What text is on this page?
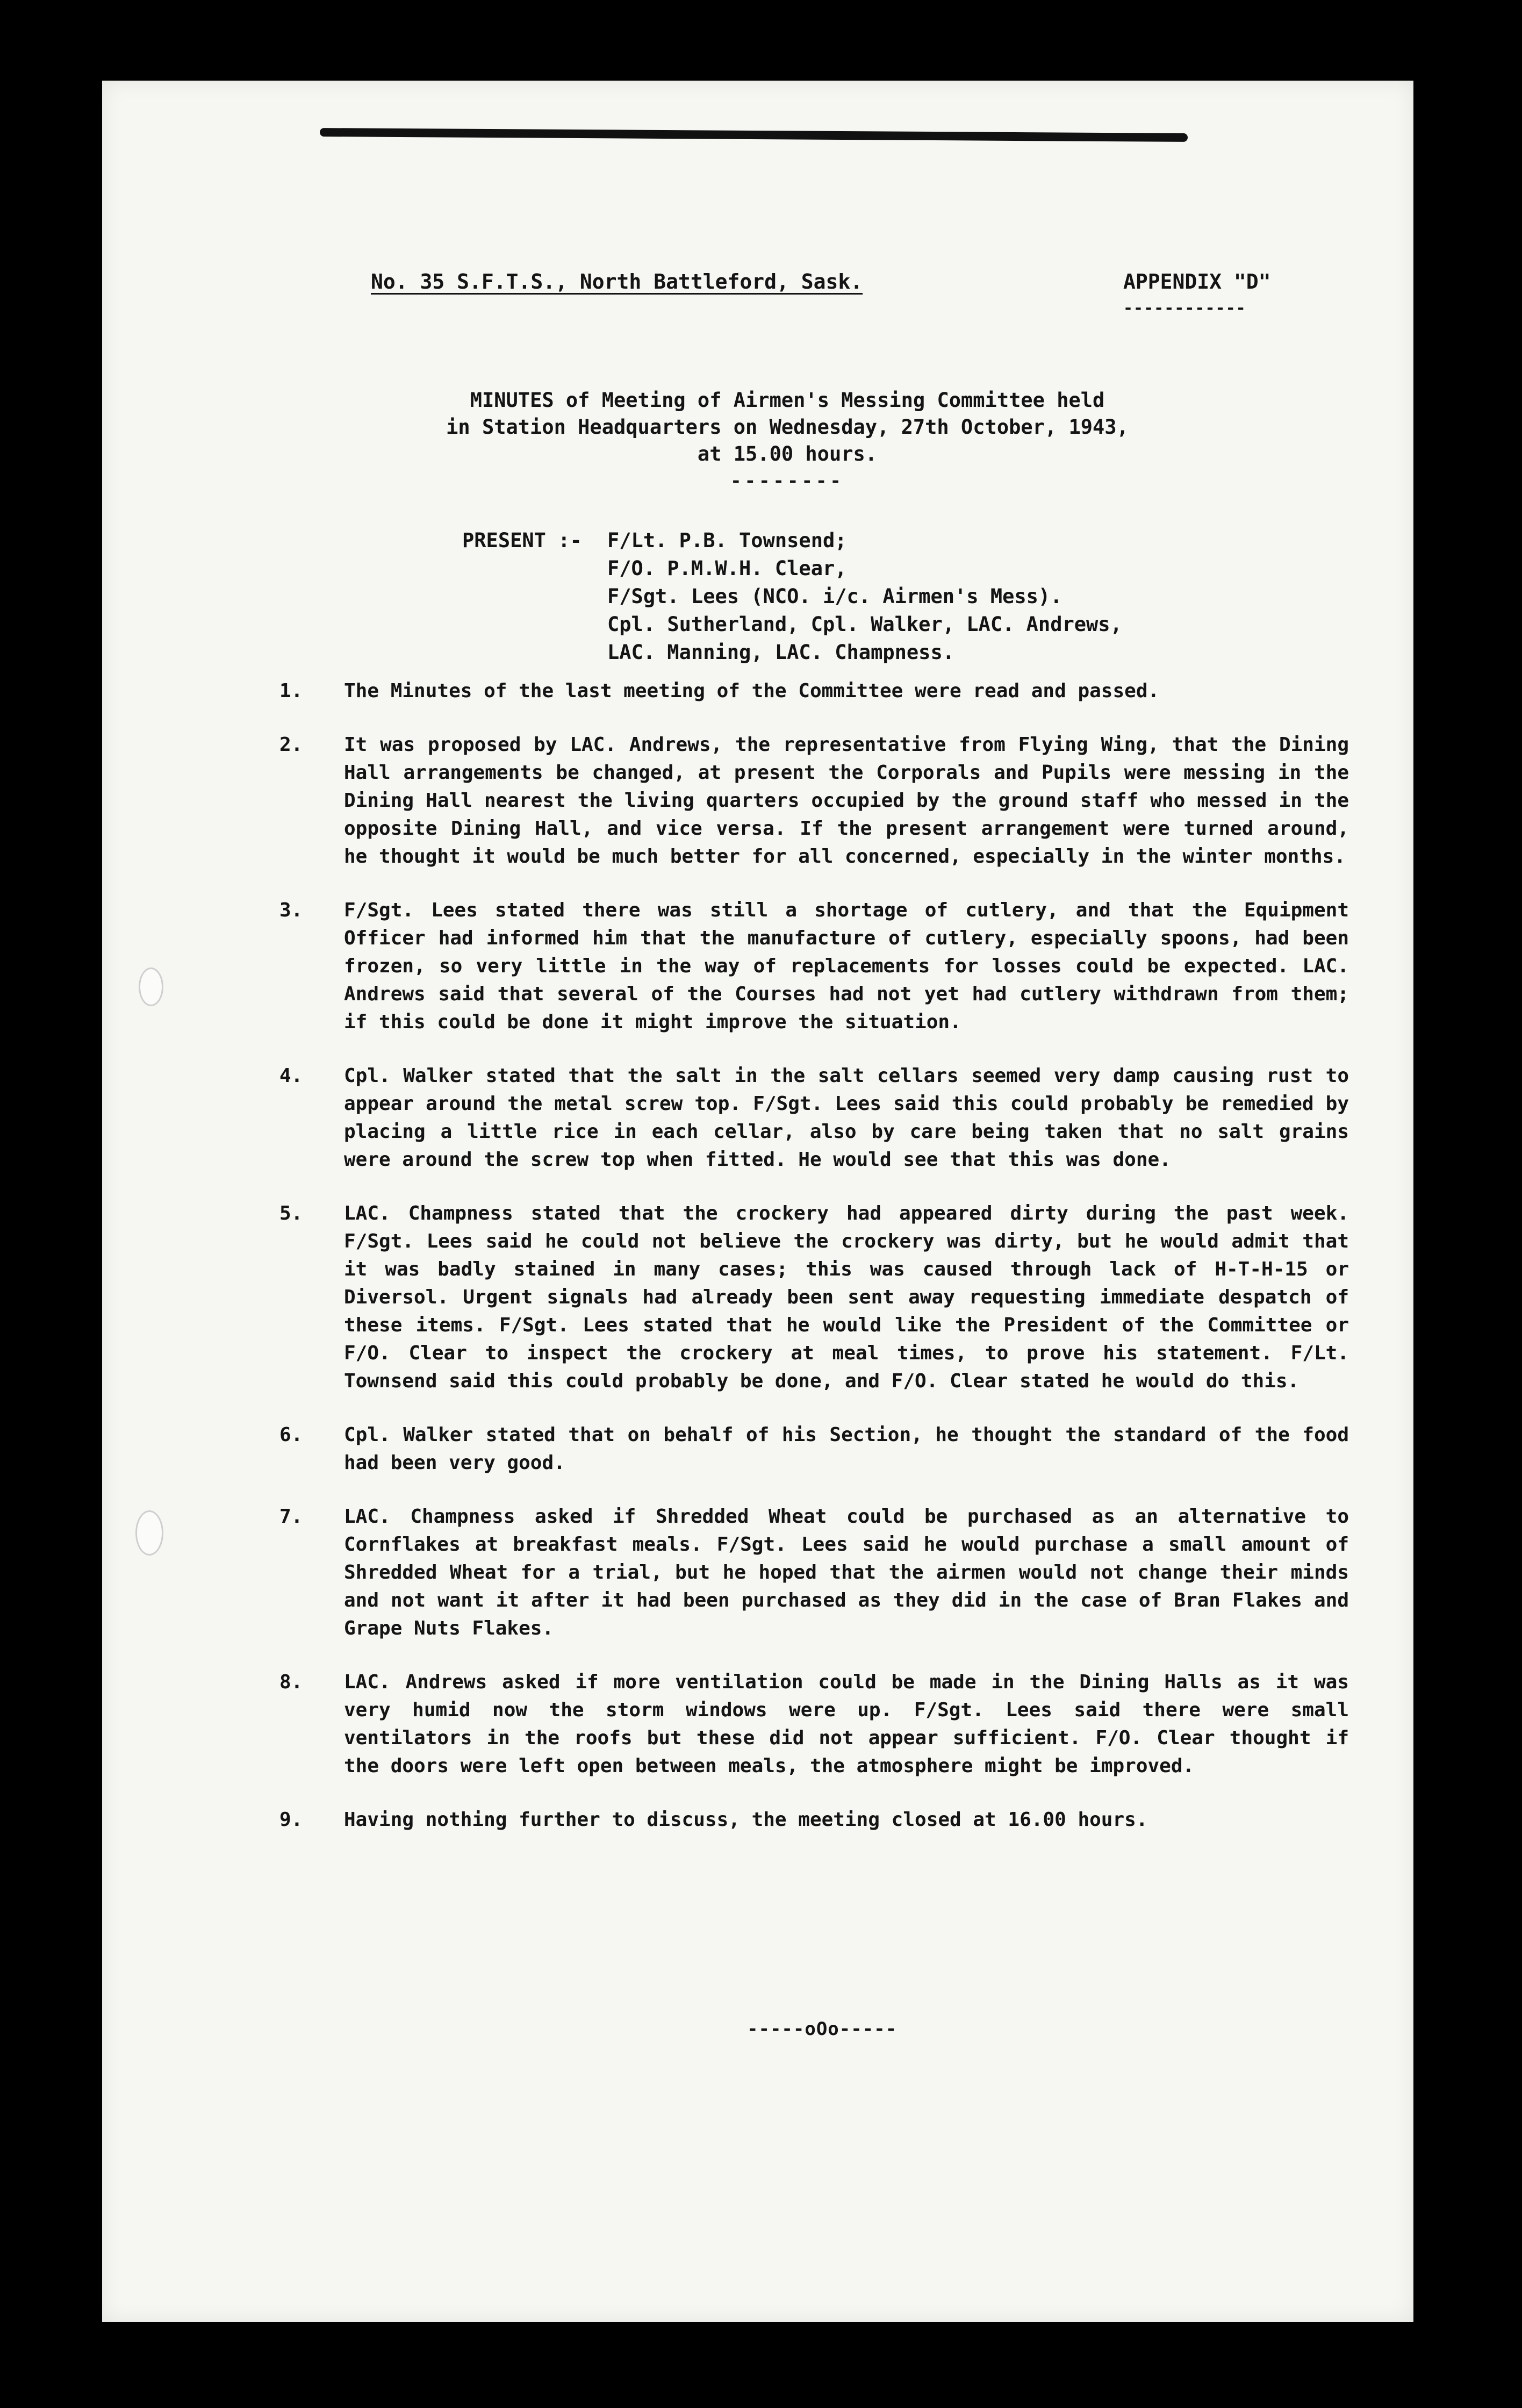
No. 35 S.F.T.S., North Battleford, Sask.	APPENDIX "D"
------------
MINUTES of Meeting of Airmen's Messing Committee held
in Station Headquarters on Wednesday, 27th October, 1943,
at 15.00 hours.
--------
PRESENT :- F/Lt. P.B. Townsend;
F/O. P.M.W.H. Clear,
F/Sgt. Lees (NCO. i/c. Airmen's Mess).
Cpl. Sutherland, Cpl. Walker, LAC. Andrews,
LAC. Manning, LAC. Champness.
1.	The Minutes of the last meeting of the Committee were read and passed.
2.	It was proposed by LAC. Andrews, the representative from Flying Wing, that the Dining Hall arrangements be changed, at present the Corporals and Pupils were messing in the Dining Hall nearest the living quarters occupied by the ground staff who messed in the opposite Dining Hall, and vice versa. If the present arrangement were turned around, he thought it would be much better for all concerned, especially in the winter months.
3.	F/Sgt. Lees stated there was still a shortage of cutlery, and that the Equipment Officer had informed him that the manufacture of cutlery, especially spoons, had been frozen, so very little in the way of replacements for losses could be expected. LAC. Andrews said that several of the Courses had not yet had cutlery withdrawn from them; if this could be done it might improve the situation.
4.	Cpl. Walker stated that the salt in the salt cellars seemed very damp causing rust to appear around the metal screw top. F/Sgt. Lees said this could probably be remedied by placing a little rice in each cellar, also by care being taken that no salt grains were around the screw top when fitted. He would see that this was done.
5.	LAC. Champness stated that the crockery had appeared dirty during the past week. F/Sgt. Lees said he could not believe the crockery was dirty, but he would admit that it was badly stained in many cases; this was caused through lack of H-T-H-15 or Diversol. Urgent signals had already been sent away requesting immediate despatch of these items. F/Sgt. Lees stated that he would like the President of the Committee or F/O. Clear to inspect the crockery at meal times, to prove his statement. F/Lt. Townsend said this could probably be done, and F/O. Clear stated he would do this.
6.	Cpl. Walker stated that on behalf of his Section, he thought the standard of the food had been very good.
7.	LAC. Champness asked if Shredded Wheat could be purchased as an alternative to Cornflakes at breakfast meals. F/Sgt. Lees said he would purchase a small amount of Shredded Wheat for a trial, but he hoped that the airmen would not change their minds and not want it after it had been purchased as they did in the case of Bran Flakes and Grape Nuts Flakes.
8.	LAC. Andrews asked if more ventilation could be made in the Dining Halls as it was very humid now the storm windows were up. F/Sgt. Lees said there were small ventilators in the roofs but these did not appear sufficient. F/O. Clear thought if the doors were left open between meals, the atmosphere might be improved.
9.	Having nothing further to discuss, the meeting closed at 16.00 hours.
-----oOo-----
